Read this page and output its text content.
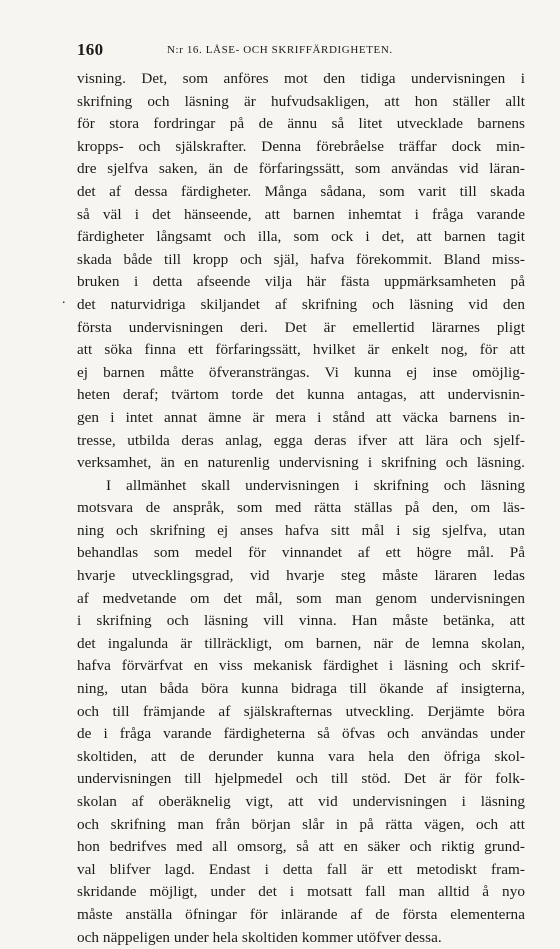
160	N:r 16. LÅSE- OCH SKRIFFÄRDIGHETEN.
.
visning. Det, som anföres mot den tidiga undervisningen i
skrifning och läsning är hufvudsakligen, att hon ställer allt
för stora fordringar på de ännu så litet utvecklade barnens
kropps- och själskrafter. Denna förebråelse träffar dock min-
dre sjelfva saken, än de förfaringssätt, som användas vid läran-
det af dessa färdigheter. Många sådana, som varit till skada
så väl i det hänseende, att barnen inhemtat i fråga varande
färdigheter långsamt och illa, som ock i det, att barnen tagit
skada både till kropp och själ, hafva förekommit. Bland miss-
bruken i detta afseende vilja här fästa uppmärksamheten på
det naturvidriga skiljandet af skrifning och läsning vid den
första undervisningen deri. Det är emellertid lärarnes pligt
att söka finna ett förfaringssätt, hvilket är enkelt nog, för att
ej barnen måtte öfveransträngas. Vi kunna ej inse omöjlig-
heten deraf; tvärtom torde det kunna antagas, att undervisnin-
gen i intet annat ämne är mera i stånd att väcka barnens in-
tresse, utbilda deras anlag, egga deras ifver att lära och sjelf-
verksamhet, än en naturenlig undervisning i skrifning och läsning.
I allmänhet skall undervisningen i skrifning och läsning
motsvara de anspråk, som med rätta ställas på den, om läs-
ning och skrifning ej anses hafva sitt mål i sig sjelfva, utan
behandlas som medel för vinnandet af ett högre mål. På
hvarje utvecklingsgrad, vid hvarje steg måste läraren ledas
af medvetande om det mål, som man genom undervisningen
i skrifning och läsning vill vinna. Han måste betänka, att
det ingalunda är tillräckligt, om barnen, när de lemna skolan,
hafva förvärfvat en viss mekanisk färdighet i läsning och skrif-
ning, utan båda böra kunna bidraga till ökande af insigterna,
och till främjande af själskrafternas utveckling. Derjämte böra
de i fråga varande färdigheterna så öfvas och användas under
skoltiden, att de derunder kunna vara hela den öfriga skol-
undervisningen till hjelpmedel och till stöd. Det är för folk-
skolan af oberäknelig vigt, att vid undervisningen i läsning
och skrifning man från början slår in på rätta vägen, och att
hon bedrifves med all omsorg, så att en säker och riktig grund-
val blifver lagd. Endast i detta fall är ett metodiskt fram-
skridande möjligt, under det i motsatt fall man alltid å nyo
måste anställa öfningar för inlärande af de första elementerna
och näppeligen under hela skoltiden kommer utöfver dessa.
